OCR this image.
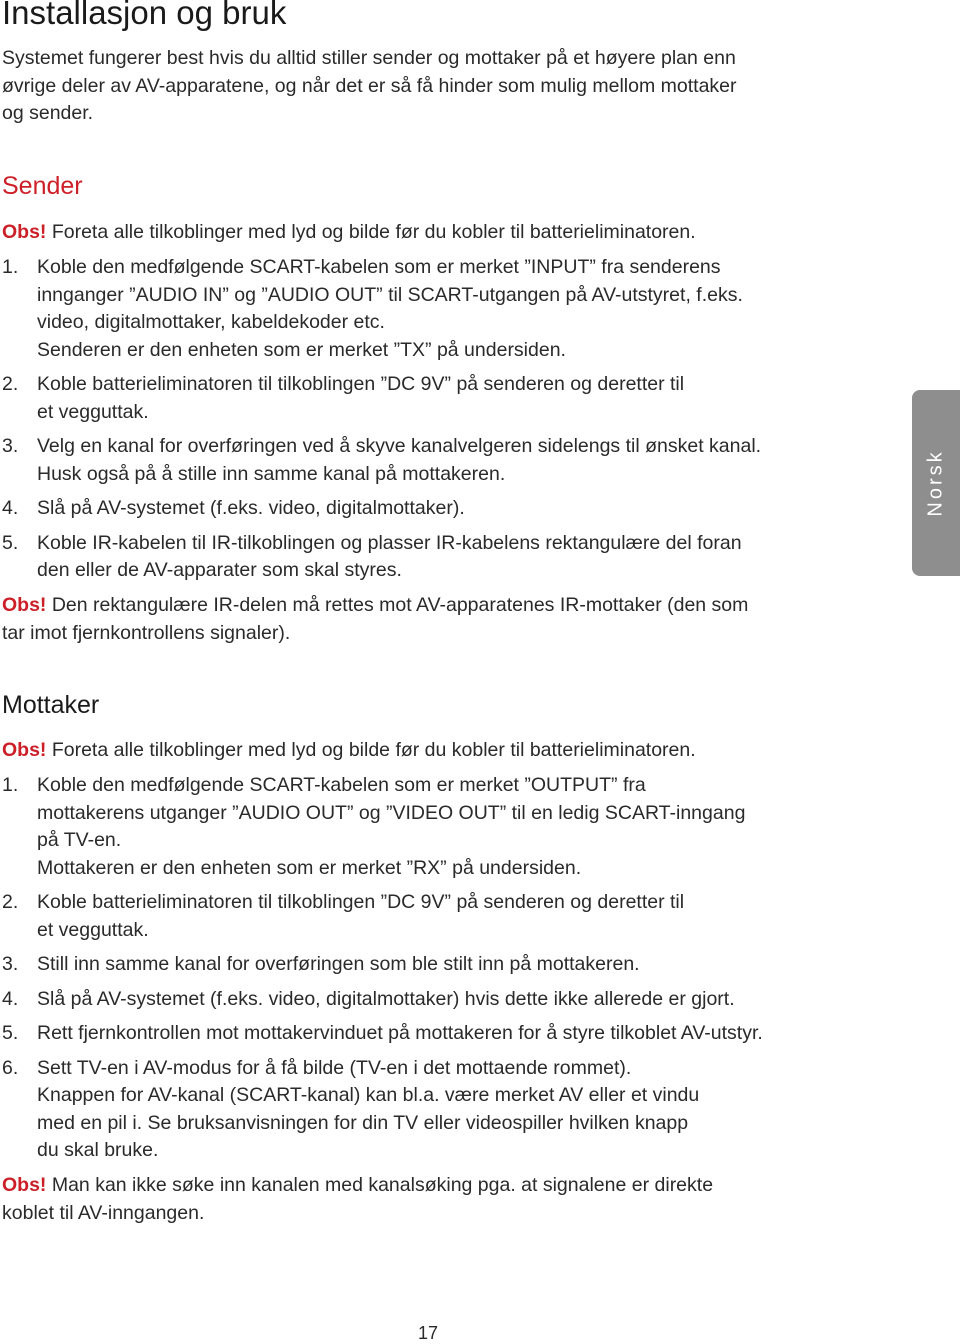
Installasjon og bruk

Systemet fungerer best hvis du alltid stiller sender og mottaker på et høyere plan enn
øvrige deler av AV-apparatene, og når det er så få hinder som mulig mellom mottaker
og sender.

Sender

Obs! Foreta alle tilkoblinger med lyd og bilde før du kobler til batterieliminatoren.

1. Koble den medfølgende SCART-kabelen som er merket ”INPUT” fra senderens
innganger ”AUDIO IN” og ”AUDIO OUT” til SCART-utgangen på AV-utstyret, f.eks.
video, digitalmottaker, kabeldekoder etc.
Senderen er den enheten som er merket ”TX” på undersiden.
2. Koble batterieliminatoren til tilkoblingen ”DC 9V” på senderen og deretter til
et vegguttak.
3. Velg en kanal for overføringen ved å skyve kanalvelgeren sidelengs til ønsket kanal.
Husk også på å stille inn samme kanal på mottakeren.
4. Slå på AV-systemet (f.eks. video, digitalmottaker).
5. Koble IR-kabelen til IR-tilkoblingen og plasser IR-kabelens rektangulære del foran
den eller de AV-apparater som skal styres.

Obs! Den rektangulære IR-delen må rettes mot AV-apparatenes IR-mottaker (den som
tar imot fjernkontrollens signaler).

Mottaker

Obs! Foreta alle tilkoblinger med lyd og bilde før du kobler til batterieliminatoren.

1. Koble den medfølgende SCART-kabelen som er merket ”OUTPUT” fra
mottakerens utganger ”AUDIO OUT” og ”VIDEO OUT” til en ledig SCART-inngang
på TV-en.
Mottakeren er den enheten som er merket ”RX” på undersiden.
2. Koble batterieliminatoren til tilkoblingen ”DC 9V” på senderen og deretter til
et vegguttak.
3. Still inn samme kanal for overføringen som ble stilt inn på mottakeren.
4. Slå på AV-systemet (f.eks. video, digitalmottaker) hvis dette ikke allerede er gjort.
5. Rett fjernkontrollen mot mottakervinduet på mottakeren for å styre tilkoblet AV-utstyr.
6. Sett TV-en i AV-modus for å få bilde (TV-en i det mottaende rommet).
Knappen for AV-kanal (SCART-kanal) kan bl.a. være merket AV eller et vindu
med en pil i. Se bruksanvisningen for din TV eller videospiller hvilken knapp
du skal bruke.

Obs! Man kan ikke søke inn kanalen med kanalsøking pga. at signalene er direkte
koblet til AV-inngangen.

Norsk
17
